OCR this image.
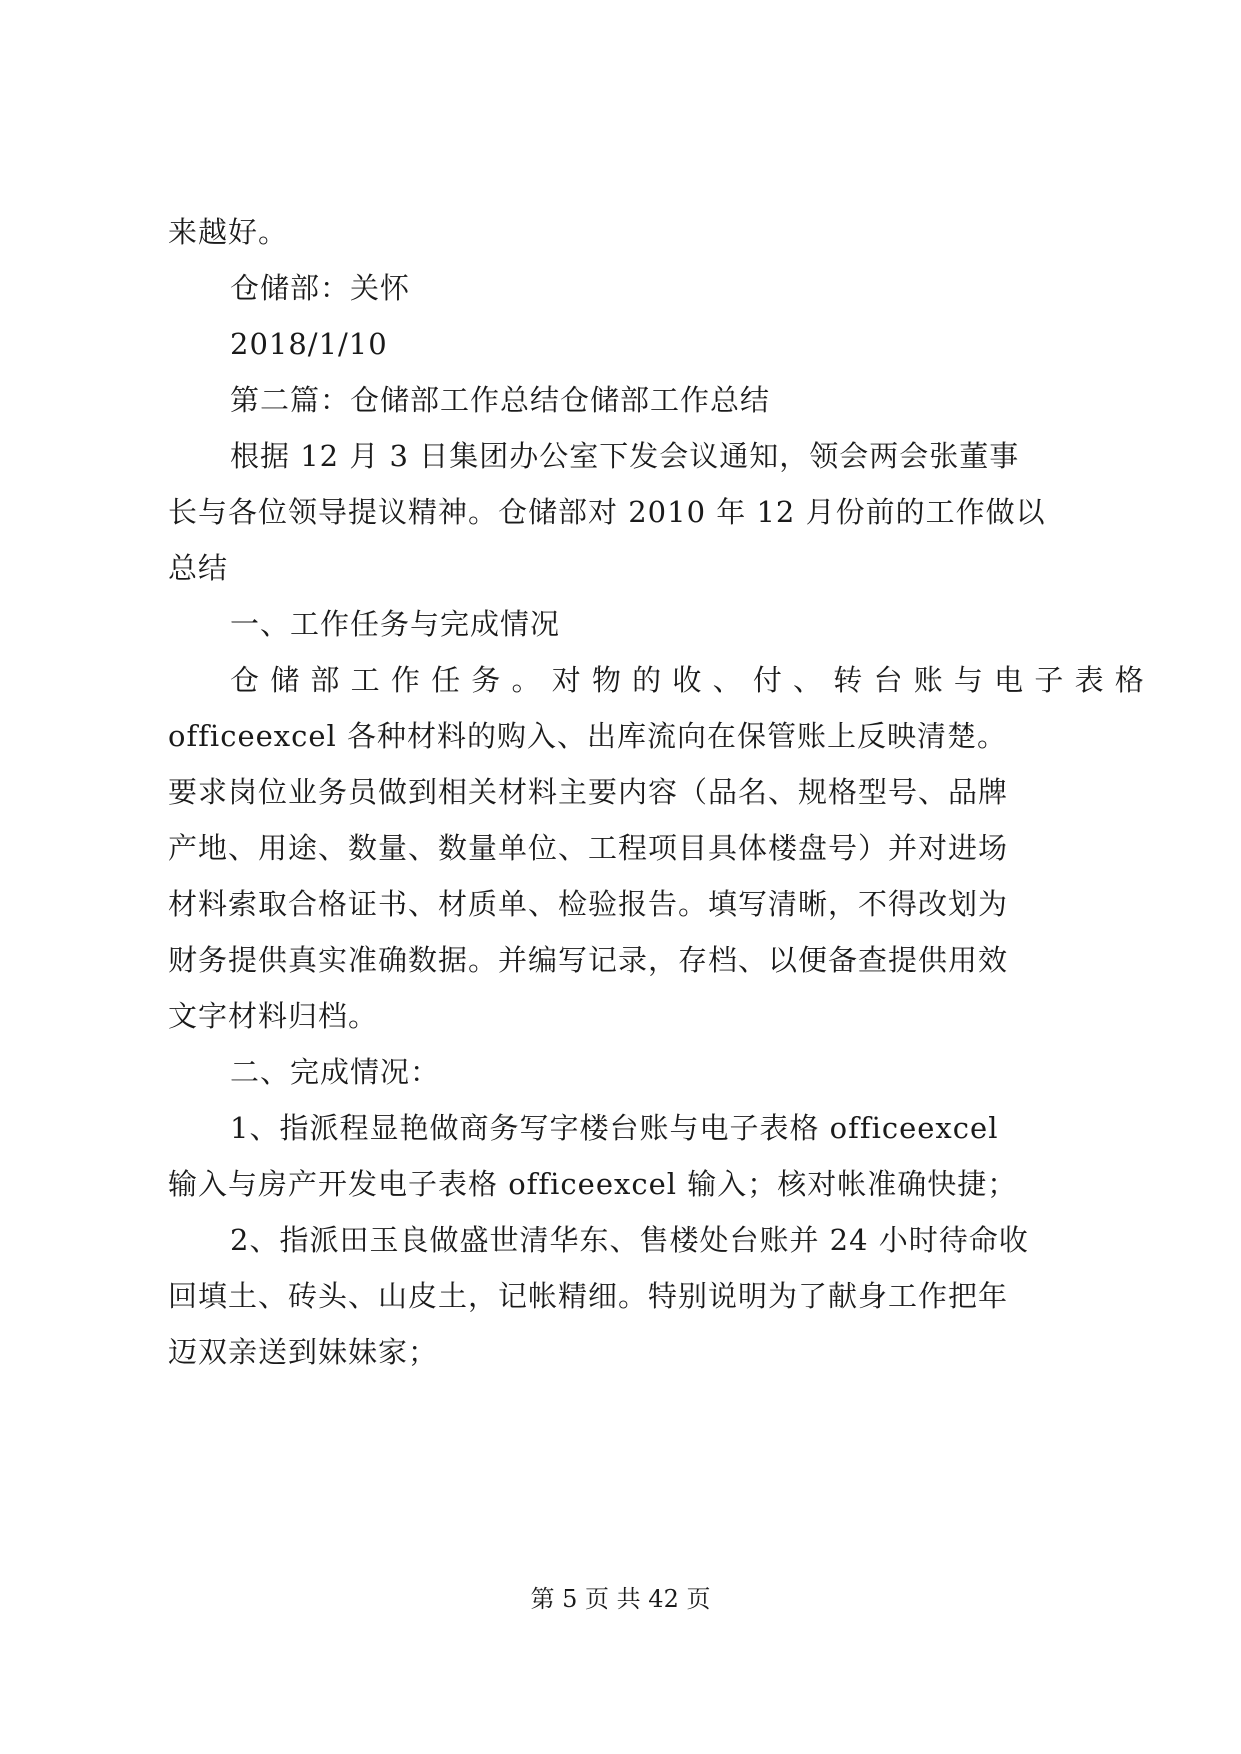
来越好。
仓储部：关怀
2018/1/10
第二篇：仓储部工作总结仓储部工作总结
根据 12 月 3 日集团办公室下发会议通知，领会两会张董事
长与各位领导提议精神。仓储部对 2010 年 12 月份前的工作做以
总结
一、工作任务与完成情况
仓 储 部 工 作 任 务 。 对 物 的 收 、 付 、 转 台 账 与 电 子 表 格
officeexcel 各种材料的购入、出库流向在保管账上反映清楚。
要求岗位业务员做到相关材料主要内容（品名、规格型号、品牌
产地、用途、数量、数量单位、工程项目具体楼盘号）并对进场
材料索取合格证书、材质单、检验报告。填写清晰，不得改划为
财务提供真实准确数据。并编写记录，存档、以便备查提供用效
文字材料归档。
二、完成情况：
1、指派程显艳做商务写字楼台账与电子表格 officeexcel
输入与房产开发电子表格 officeexcel 输入；核对帐准确快捷；
2、指派田玉良做盛世清华东、售楼处台账并 24 小时待命收
回填土、砖头、山皮土，记帐精细。特别说明为了献身工作把年
迈双亲送到妹妹家；
第 5 页 共 42 页
